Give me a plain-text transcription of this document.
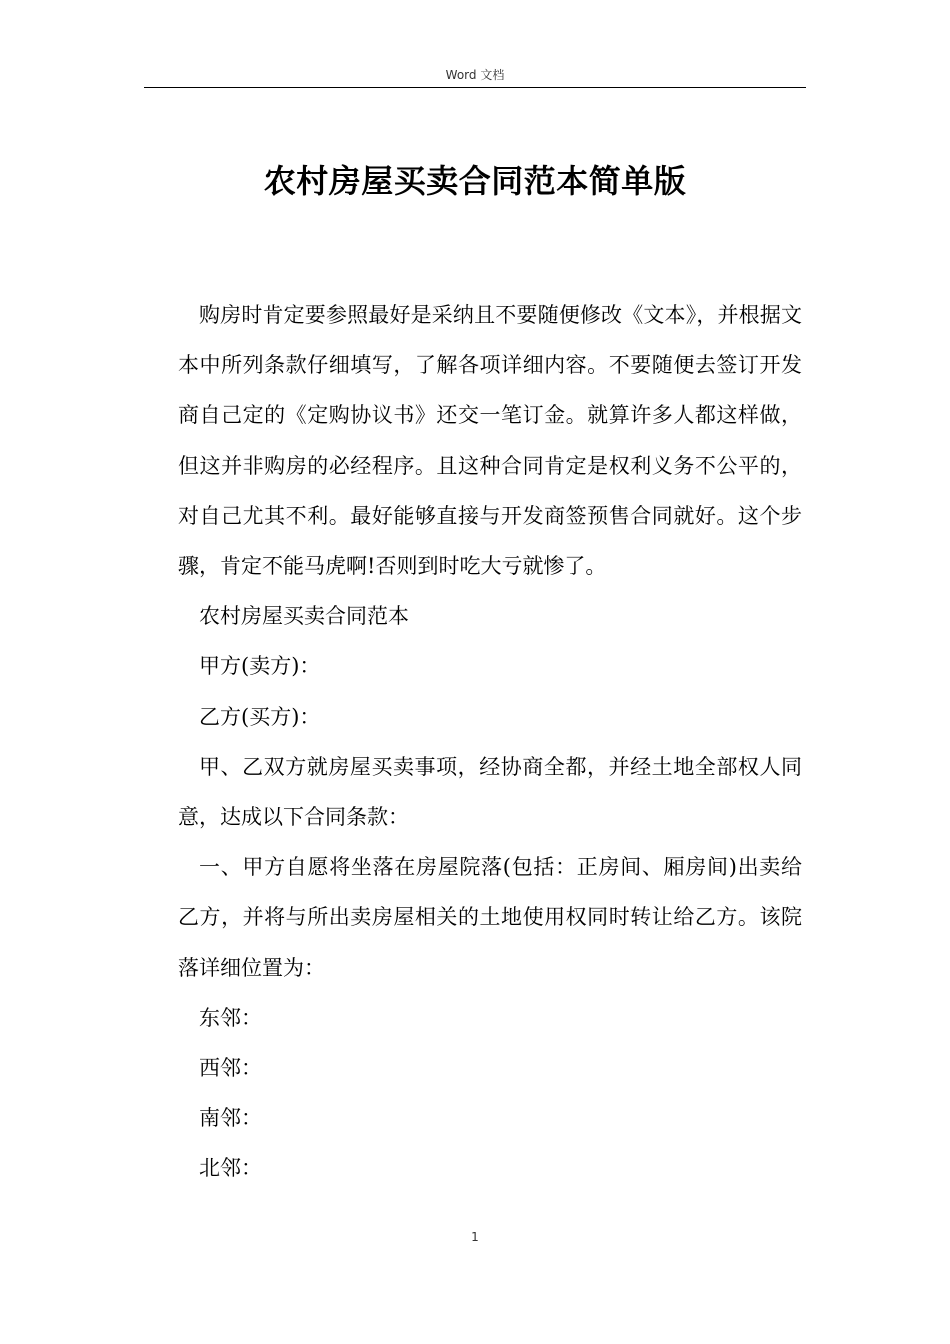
Word 文档
农村房屋买卖合同范本简单版

购房时肯定要参照最好是采纳且不要随便修改《文本》，并根据文本中所列条款仔细填写，了解各项详细内容。不要随便去签订开发商自己定的《定购协议书》还交一笔订金。就算许多人都这样做，但这并非购房的必经程序。且这种合同肯定是权利义务不公平的，对自己尤其不利。最好能够直接与开发商签预售合同就好。这个步骤，肯定不能马虎啊!否则到时吃大亏就惨了。

农村房屋买卖合同范本

甲方(卖方)：

乙方(买方)：

甲、乙双方就房屋买卖事项，经协商全都，并经土地全部权人同意，达成以下合同条款：

一、甲方自愿将坐落在房屋院落(包括：正房间、厢房间)出卖给乙方，并将与所出卖房屋相关的土地使用权同时转让给乙方。该院落详细位置为：

东邻：

西邻：

南邻：

北邻：

1
